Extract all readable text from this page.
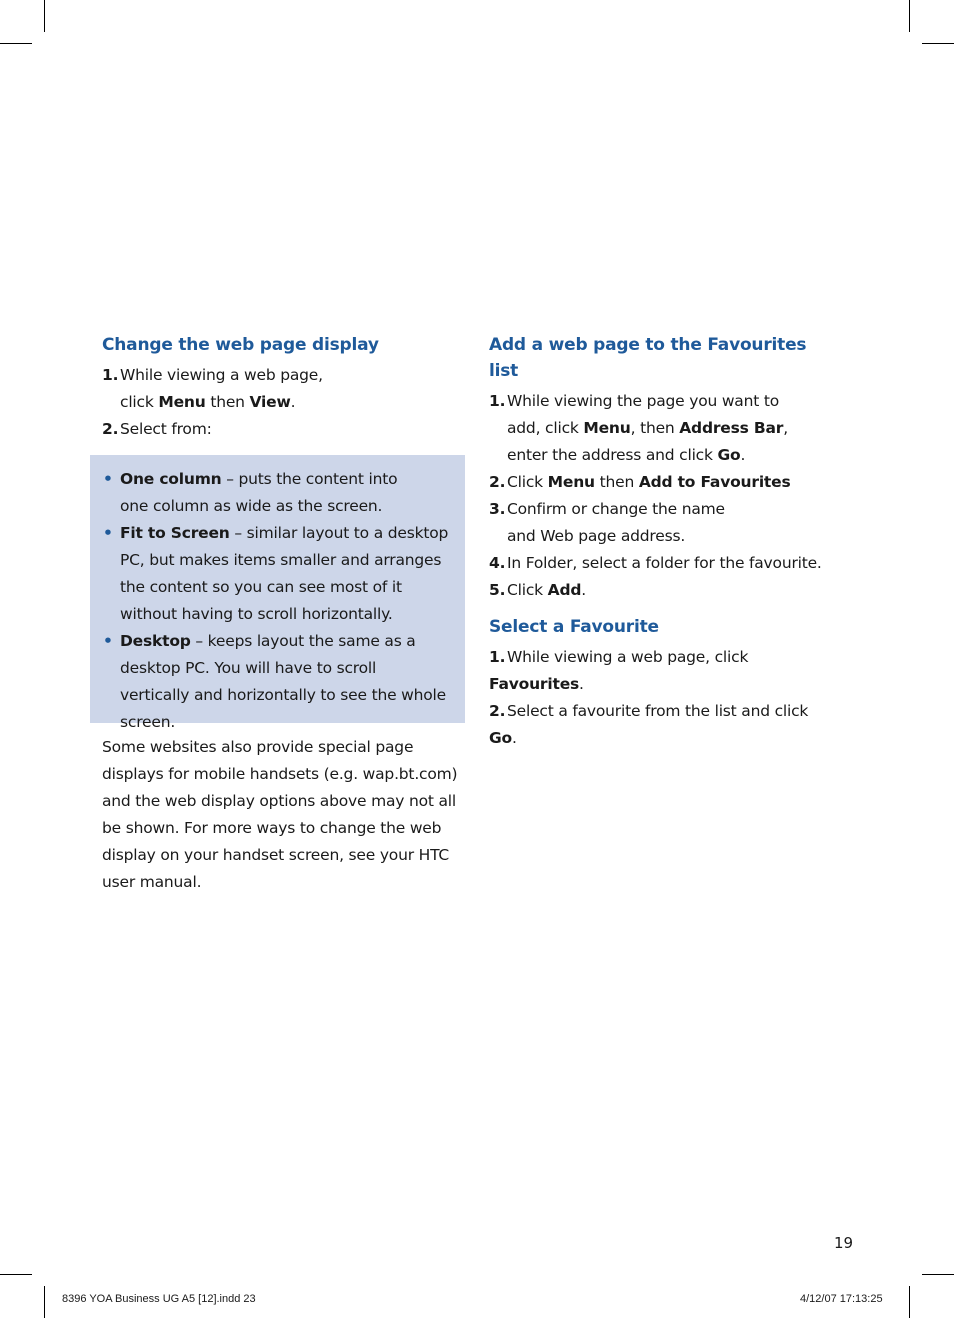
Change the web page display
1. While viewing a web page,
click Menu then View.
2. Select from:
• One column – puts the content into
one column as wide as the screen.
• Fit to Screen – similar layout to a desktop
PC, but makes items smaller and arranges the content so you can see most of it without having to scroll horizontally.
• Desktop – keeps layout the same as a
desktop PC. You will have to scroll vertically and horizontally to see the whole screen.
Some websites also provide special page displays for mobile handsets (e.g. wap.bt.com) and the web display options above may not all be shown. For more ways to change the web display on your handset screen, see your HTC user manual.
Add a web page to the Favourites list
1. While viewing the page you want to
add, click Menu, then Address Bar,
enter the address and click Go.
2. Click Menu then Add to Favourites
3. Confirm or change the name
and Web page address.
4. In Folder, select a folder for the favourite.
5. Click Add.
Select a Favourite
1. While viewing a web page, click Favourites.
2. Select a favourite from the list and click Go.
19
8396 YOA Business UG A5 [12].indd 23	4/12/07 17:13:25
